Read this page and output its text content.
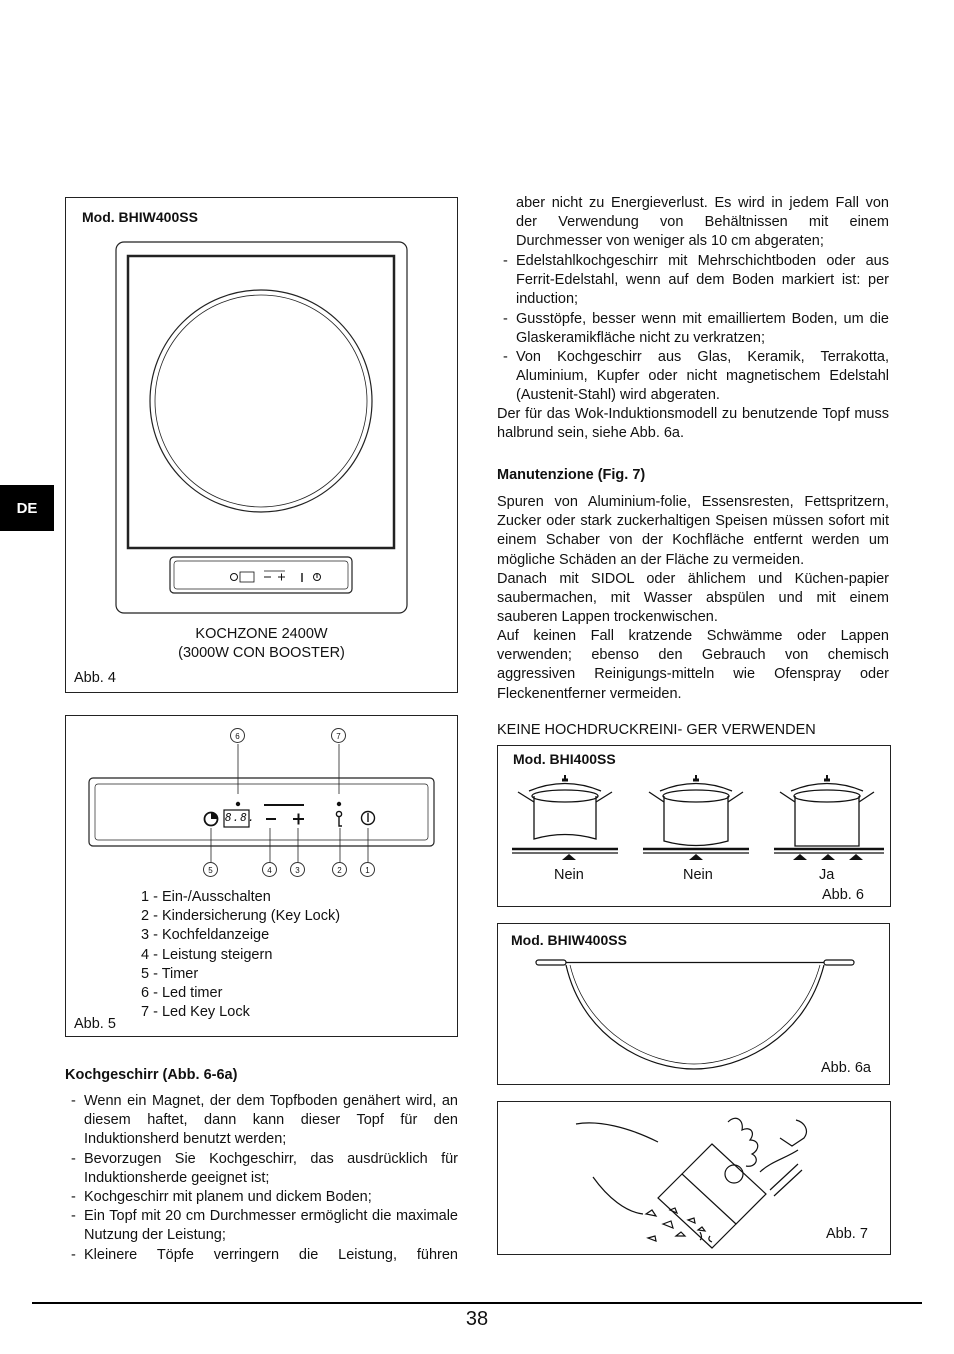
DE
Mod. BHIW400SS
KOCHZONE 2400W
(3000W CON BOOSTER)
Abb. 4
8.8.
6	7
5	4	3	2	1
1 - Ein-/Ausschalten
2 - Kindersicherung (Key Lock)
3 - Kochfeldanzeige
4 - Leistung steigern
5 - Timer
6 - Led timer
7 - Led Key Lock
Abb. 5
Kochgeschirr (Abb. 6-6a)
- Wenn ein Magnet, der dem Topfboden genähert wird, an diesem haftet, dann kann dieser Topf für den Induktionsherd benutzt werden;
- Bevorzugen Sie Kochgeschirr, das ausdrücklich für Induktionsherde geeignet ist;
- Kochgeschirr mit planem und dickem Boden;
- Ein Topf mit 20 cm Durchmesser ermöglicht die maximale Nutzung der Leistung;
- Kleinere Töpfe verringern die Leistung, führen
aber nicht zu Energieverlust. Es wird in jedem Fall von der Verwendung von Behältnissen mit einem Durchmesser von weniger als 10 cm abgeraten;
- Edelstahlkochgeschirr mit Mehrschichtboden oder aus Ferrit-Edelstahl, wenn auf dem Boden markiert ist: per induction;
- Gusstöpfe, besser wenn mit emailliertem Boden, um die Glaskeramikfläche nicht zu verkratzen;
- Von Kochgeschirr aus Glas, Keramik, Terrakotta, Aluminium, Kupfer oder nicht magnetischem Edelstahl (Austenit-Stahl) wird abgeraten.
Der für das Wok-Induktionsmodell zu benutzende Topf muss halbrund sein, siehe Abb. 6a.
Manutenzione (Fig. 7)
Spuren von Aluminium-folie, Essensresten, Fettspritzern, Zucker oder stark zuckerhaltigen Speisen müssen sofort mit einem Schaber von der Kochfläche entfernt werden um mögliche Schäden an der Fläche zu vermeiden.
Danach mit SIDOL oder ählichem und Küchen-papier saubermachen, mit Wasser abspülen und mit einem sauberen Lappen trockenwischen.
Auf keinen Fall kratzende Schwämme oder Lappen verwenden; ebenso den Gebrauch von chemisch aggressiven Reinigungs-mitteln wie Ofenspray oder Fleckenentferner vermeiden.
KEINE HOCHDRUCKREINI- GER VERWENDEN
Mod. BHI400SS
Nein	Nein	Ja
Abb. 6
Mod. BHIW400SS
Abb. 6a
Abb. 7
38
